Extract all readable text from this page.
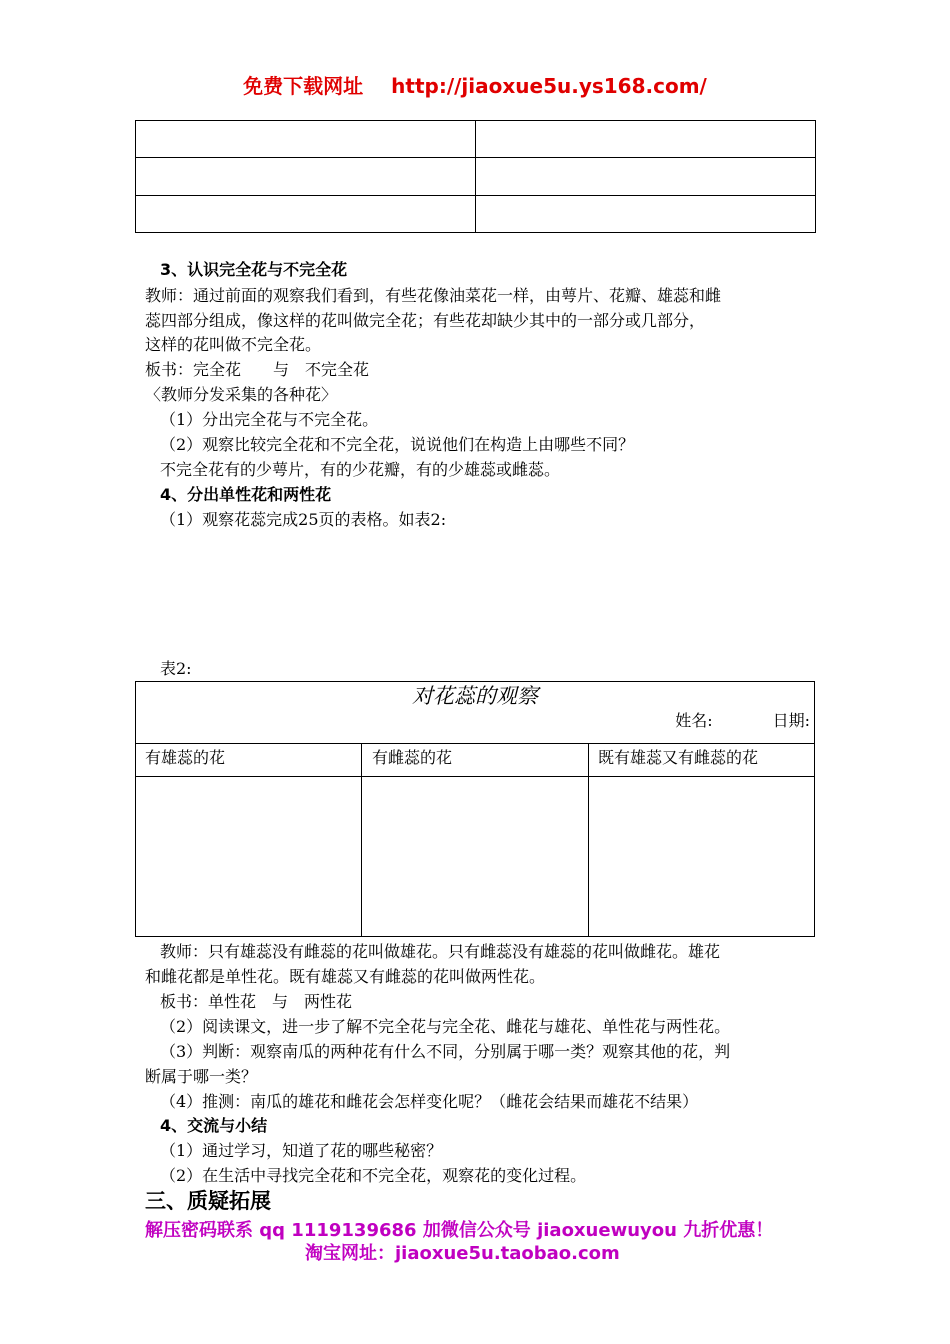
免费下载网址 http://jiaoxue5u.ys168.com/

3、认识完全花与不完全花
教师：通过前面的观察我们看到，有些花像油菜花一样，由萼片、花瓣、雄蕊和雌
蕊四部分组成，像这样的花叫做完全花；有些花却缺少其中的一部分或几部分，
这样的花叫做不完全花。
板书：完全花　　与　不完全花
〈教师分发采集的各种花〉
（1）分出完全花与不完全花。
（2）观察比较完全花和不完全花，说说他们在构造上由哪些不同？
不完全花有的少萼片，有的少花瓣，有的少雄蕊或雌蕊。
4、分出单性花和两性花
（1）观察花蕊完成25页的表格。如表2:
表2:
对花蕊的观察
姓名:	日期:
有雄蕊的花	有雌蕊的花	既有雄蕊又有雌蕊的花
教师：只有雄蕊没有雌蕊的花叫做雄花。只有雌蕊没有雄蕊的花叫做雌花。雄花
和雌花都是单性花。既有雄蕊又有雌蕊的花叫做两性花。
板书：单性花　与　两性花
（2）阅读课文，进一步了解不完全花与完全花、雌花与雄花、单性花与两性花。
（3）判断：观察南瓜的两种花有什么不同，分别属于哪一类？观察其他的花，判
断属于哪一类？
（4）推测：南瓜的雄花和雌花会怎样变化呢？（雌花会结果而雄花不结果）
4、交流与小结
（1）通过学习，知道了花的哪些秘密？
（2）在生活中寻找完全花和不完全花，观察花的变化过程。
三、质疑拓展
解压密码联系 qq 1119139686 加微信公众号 jiaoxuewuyou 九折优惠！
淘宝网址：jiaoxue5u.taobao.com
